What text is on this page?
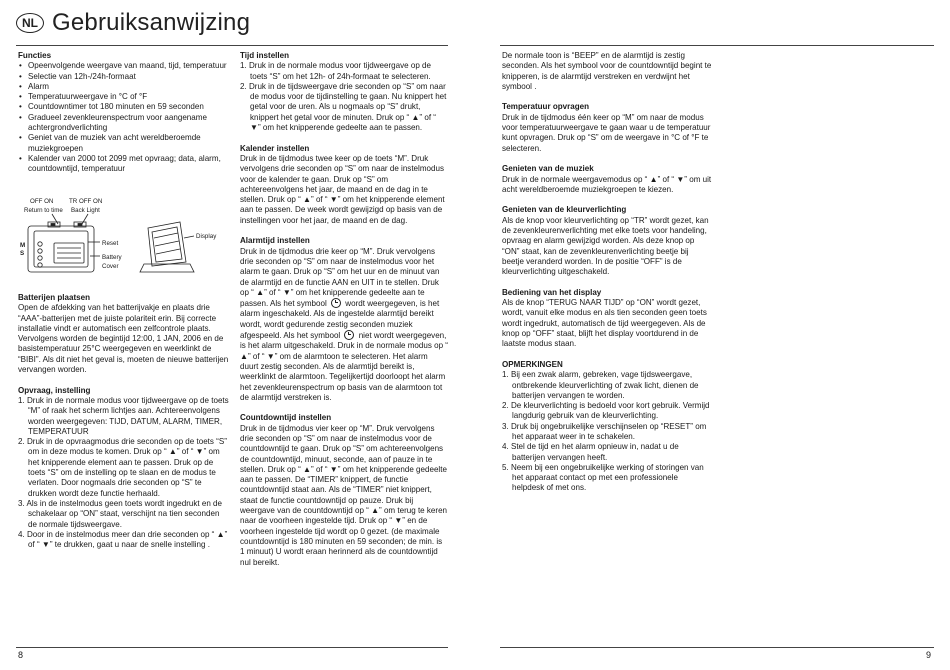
NL Gebruiksanwijzing
Functies
• Opeenvolgende weergave van maand, tijd, temperatuur
• Selectie van 12h-/24h-formaat
• Alarm
• Temperatuurweergave in °C of °F
• Countdowntimer tot 180 minuten en 59 seconden
• Gradueel zevenkleurenspectrum voor aangename achtergrondverlichting
• Geniet van de muziek van acht wereldberoemde muziekgroepen
• Kalender van 2000 tot 2099 met opvraag; data, alarm, countdowntijd, temperatuur
OFF ON
Return to time
TR OFF ON
Back Light
Reset
Battery
Cover
Display
M
S
Batterijen plaatsen
Open de afdekking van het batterijvakje en plaats drie “AAA”-batterijen met de juiste polariteit erin. Bij correcte installatie vindt er automatisch een zelfcontrole plaats. Vervolgens worden de begintijd 12:00, 1 JAN, 2006 en de basistemperatuur 25°C weergegeven en weerklinkt de “BIBI”. Als dit niet het geval is, moeten de nieuwe batterijen vervangen worden.
Opvraag, instelling
1. Druk in de normale modus voor tijdweergave op de toets “M” of raak het scherm lichtjes aan. Achtereenvolgens worden weergegeven: TIJD, DATUM, ALARM, TIMER, TEMPERATUUR
2. Druk in de opvraagmodus drie seconden op de toets “S” om in deze modus te komen. Druk op “ ▲” of “ ▼” om het knipperende element aan te passen. Druk op de toets “S” om de instelling op te slaan en de modus te verlaten. Door nogmaals drie seconden op “S” te drukken wordt deze functie herhaald.
3. Als in de instelmodus geen toets wordt ingedrukt en de schakelaar op “ON” staat, verschijnt na tien seconden de normale tijdsweergave.
4. Door in de instelmodus meer dan drie seconden op “ ▲” of “ ▼” te drukken, gaat u naar de snelle instelling .
Tijd instellen
1. Druk in de normale modus voor tijdweergave op de toets “S” om het 12h- of 24h-formaat te selecteren.
2. Druk in de tijdsweergave drie seconden op “S” om naar de modus voor de tijdinstelling te gaan. Nu knippert het getal voor de uren. Als u nogmaals op “S” drukt, knippert het getal voor de minuten. Druk op “ ▲” of “ ▼” om het knipperende gedeelte aan te passen.
Kalender instellen
Druk in de tijdmodus twee keer op de toets “M”. Druk vervolgens drie seconden op “S” om naar de instelmodus voor de kalender te gaan. Druk op “S” om achtereenvolgens het jaar, de maand en de dag in te stellen. Druk op “ ▲” of “ ▼” om het knipperende element aan te passen. De week wordt gewijzigd op basis van de instellingen voor het jaar, de maand en de dag.
Alarmtijd instellen
Druk in de tijdmodus drie keer op “M”. Druk vervolgens drie seconden op “S” om naar de instelmodus voor het alarm te gaan. Druk op “S” om het uur en de minuut van de alarmtijd en de functie AAN en UIT in te stellen. Druk op “ ▲” of “ ▼” om het knipperende gedeelte aan te passen. Als het symbool wordt weergegeven, is het alarm ingeschakeld. Als de ingestelde alarmtijd bereikt wordt, wordt gedurende zestig seconden muziek afgespeeld. Als het symbool niet wordt weergegeven, is het alarm uitgeschakeld. Druk in de normale modus op “ ▲” of “ ▼” om de alarmtoon te selecteren. Het alarm duurt zestig seconden. Als de alarmtijd bereikt is, weerklinkt de alarmtoon. Tegelijkertijd doorloopt het alarm het zevenkleurenspectrum op basis van de alarmtoon tot de alarmtijd verstreken is.
Countdowntijd instellen
Druk in de tijdmodus vier keer op “M”. Druk vervolgens drie seconden op “S” om naar de instelmodus voor de countdowntijd te gaan. Druk op “S” om achtereenvolgens de countdowntijd, minuut, seconde, aan of pauze in te stellen. Druk op “ ▲” of “ ▼” om het knipperende gedeelte aan te passen. De “TIMER” knippert, de functie countdowntijd staat aan. Als de “TIMER” niet knippert, staat de functie countdowntijd op pauze. Druk bij weergave van de countdowntijd op “ ▲” om terug te keren naar de voorheen ingestelde tijd. Druk op “ ▼” en de voorheen ingestelde tijd wordt op 0 gezet. (de maximale countdowntijd is 180 minuten en 59 seconden; de min. is 1 minuut) U wordt eraan herinnerd als de countdowntijd nul bereikt.
De normale toon is “BEEP” en de alarmtijd is zestig seconden. Als het symbool voor de countdowntijd begint te knipperen, is de alarmtijd verstreken en verdwijnt het symbool .
Temperatuur opvragen
Druk in de tijdmodus één keer op “M” om naar de modus voor temperatuurweergave te gaan waar u de temperatuur kunt opvragen. Druk op “S” om de weergave in °C of °F te selecteren.
Genieten van de muziek
Druk in de normale weergavemodus op “ ▲” of “ ▼” om uit acht wereldberoemde muziekgroepen te kiezen.
Genieten van de kleurverlichting
Als de knop voor kleurverlichting op “TR” wordt gezet, kan de zevenkleurenverlichting met elke toets voor handeling, opvraag en alarm gewijzigd worden. Als deze knop op “ON” staat, kan de zevenkleurenverlichting beetje bij beetje veranderd worden. In de positie “OFF” is de kleurverlichting uitgeschakeld.
Bediening van het display
Als de knop “TERUG NAAR TIJD” op “ON” wordt gezet, wordt, vanuit elke modus en als tien seconden geen toets wordt ingedrukt, automatisch de tijd weergegeven. Als de knop op “OFF” staat, blijft het display voortdurend in de laatste modus staan.
OPMERKINGEN
1. Bij een zwak alarm, gebreken, vage tijdsweergave, ontbrekende kleurverlichting of zwak licht, dienen de batterijen vervangen te worden.
2. De kleurverlichting is bedoeld voor kort gebruik. Vermijd langdurig gebruik van de kleurverlichting.
3. Druk bij ongebruikelijke verschijnselen op “RESET” om het apparaat weer in te schakelen.
4. Stel de tijd en het alarm opnieuw in, nadat u de batterijen vervangen heeft.
5. Neem bij een ongebruikelijke werking of storingen van het apparaat contact op met een professionele helpdesk of met ons.
8	9
